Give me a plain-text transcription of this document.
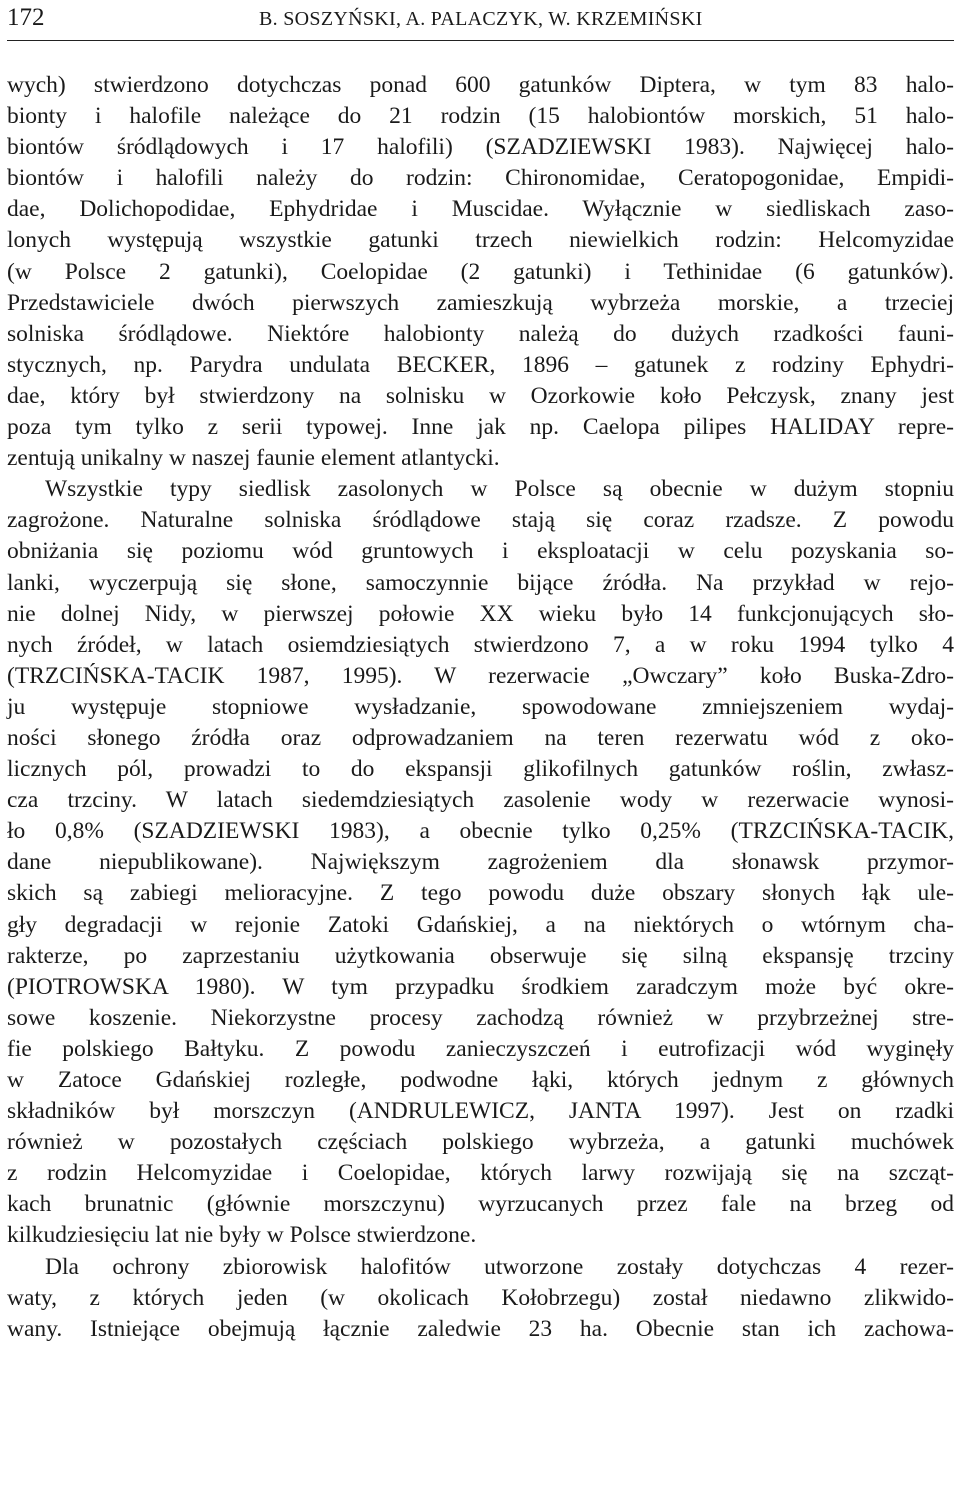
172	B. SOSZYŃSKI, A. PALACZYK, W. KRZEMIŃSKI
wych) stwierdzono dotychczas ponad 600 gatunków Diptera, w tym 83 halo-
bionty i halofile należące do 21 rodzin (15 halobiontów morskich, 51 halo-
biontów śródlądowych i 17 halofili) (SZADZIEWSKI 1983). Najwięcej halo-
biontów i halofili należy do rodzin: Chironomidae, Ceratopogonidae, Empidi-
dae, Dolichopodidae, Ephydridae i Muscidae. Wyłącznie w siedliskach zaso-
lonych występują wszystkie gatunki trzech niewielkich rodzin: Helcomyzidae
(w Polsce 2 gatunki), Coelopidae (2 gatunki) i Tethinidae (6 gatunków).
Przedstawiciele dwóch pierwszych zamieszkują wybrzeża morskie, a trzeciej
solniska śródlądowe. Niektóre halobionty należą do dużych rzadkości fauni-
stycznych, np. Parydra undulata BECKER, 1896 – gatunek z rodziny Ephydri-
dae, który był stwierdzony na solnisku w Ozorkowie koło Pełczysk, znany jest
poza tym tylko z serii typowej. Inne jak np. Caelopa pilipes HALIDAY repre-
zentują unikalny w naszej faunie element atlantycki.
Wszystkie typy siedlisk zasolonych w Polsce są obecnie w dużym stopniu
zagrożone. Naturalne solniska śródlądowe stają się coraz rzadsze. Z powodu
obniżania się poziomu wód gruntowych i eksploatacji w celu pozyskania so-
lanki, wyczerpują się słone, samoczynnie bijące źródła. Na przykład w rejo-
nie dolnej Nidy, w pierwszej połowie XX wieku było 14 funkcjonujących sło-
nych źródeł, w latach osiemdziesiątych stwierdzono 7, a w roku 1994 tylko 4
(TRZCIŃSKA-TACIK 1987, 1995). W rezerwacie „Owczary” koło Buska-Zdro-
ju występuje stopniowe wysładzanie, spowodowane zmniejszeniem wydaj-
ności słonego źródła oraz odprowadzaniem na teren rezerwatu wód z oko-
licznych pól, prowadzi to do ekspansji glikofilnych gatunków roślin, zwłasz-
cza trzciny. W latach siedemdziesiątych zasolenie wody w rezerwacie wynosi-
ło 0,8% (SZADZIEWSKI 1983), a obecnie tylko 0,25% (TRZCIŃSKA-TACIK,
dane niepublikowane). Największym zagrożeniem dla słonawsk przymor-
skich są zabiegi melioracyjne. Z tego powodu duże obszary słonych łąk ule-
gły degradacji w rejonie Zatoki Gdańskiej, a na niektórych o wtórnym cha-
rakterze, po zaprzestaniu użytkowania obserwuje się silną ekspansję trzciny
(PIOTROWSKA 1980). W tym przypadku środkiem zaradczym może być okre-
sowe koszenie. Niekorzystne procesy zachodzą również w przybrzeżnej stre-
fie polskiego Bałtyku. Z powodu zanieczyszczeń i eutrofizacji wód wyginęły
w Zatoce Gdańskiej rozległe, podwodne łąki, których jednym z głównych
składników był morszczyn (ANDRULEWICZ, JANTA 1997). Jest on rzadki
również w pozostałych częściach polskiego wybrzeża, a gatunki muchówek
z rodzin Helcomyzidae i Coelopidae, których larwy rozwijają się na szcząt-
kach brunatnic (głównie morszczynu) wyrzucanych przez fale na brzeg od
kilkudziesięciu lat nie były w Polsce stwierdzone.
Dla ochrony zbiorowisk halofitów utworzone zostały dotychczas 4 rezer-
waty, z których jeden (w okolicach Kołobrzegu) został niedawno zlikwido-
wany. Istniejące obejmują łącznie zaledwie 23 ha. Obecnie stan ich zachowa-
